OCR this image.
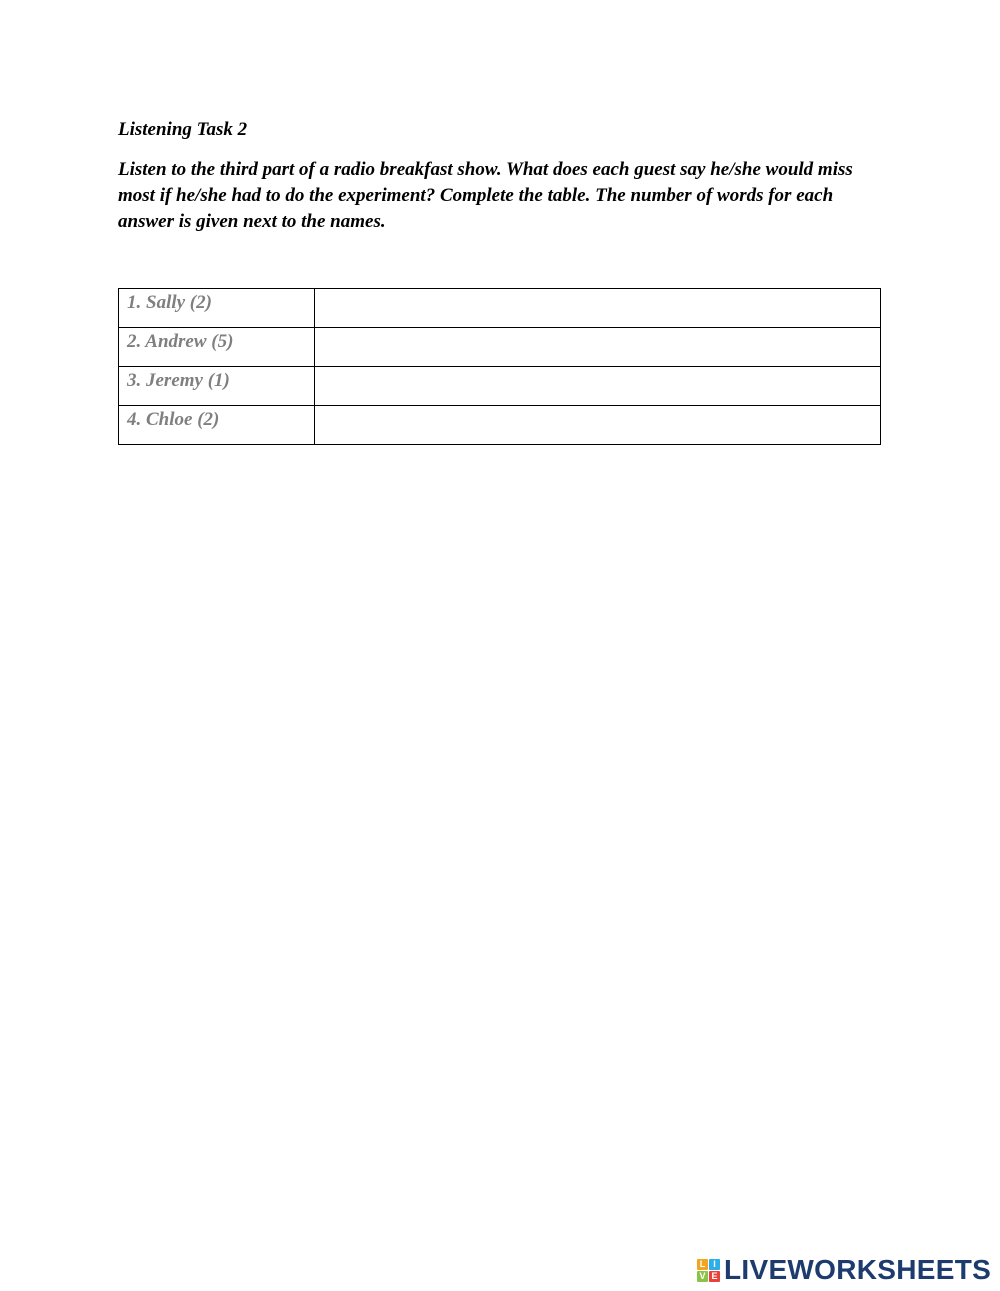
Listening Task 2

Listen to the third part of a radio breakfast show. What does each guest say he/she would miss most if he/she had to do the experiment? Complete the table. The number of words for each answer is given next to the names.

1. Sally (2)	

2. Andrew (5)	

3. Jeremy (1)	

4. Chloe (2)	
L I
V E LIVEWORKSHEETS
